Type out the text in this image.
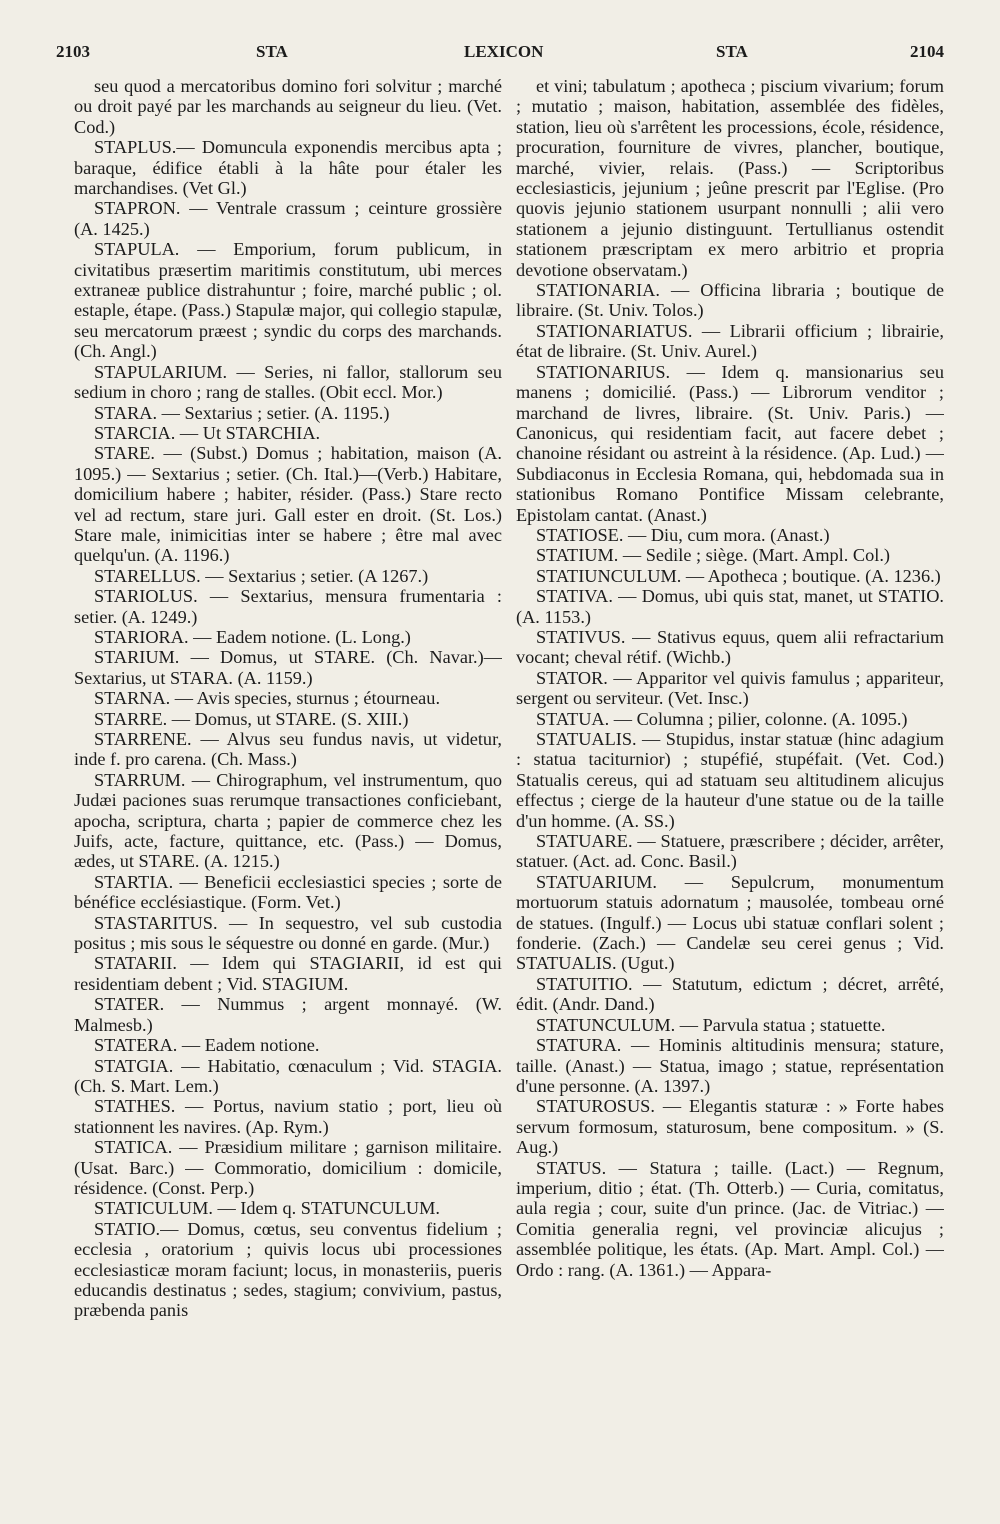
2103	STA	LEXICON	STA	2104

seu quod a mercatoribus domino fori solvitur ; marché ou droit payé par les marchands au seigneur du lieu. (Vet. Cod.)

STAPLUS.— Domuncula exponendis mercibus apta ; baraque, édifice établi à la hâte pour étaler les marchandises. (Vet Gl.)

STAPRON. — Ventrale crassum ; ceinture grossière (A. 1425.)

STAPULA. — Emporium, forum publicum, in civitatibus præsertim maritimis constitutum, ubi merces extraneæ publice distrahuntur ; foire, marché public ; ol. estaple, étape. (Pass.) Stapulæ major, qui collegio stapulæ, seu mercatorum præest ; syndic du corps des marchands. (Ch. Angl.)

STAPULARIUM. — Series, ni fallor, stallorum seu sedium in choro ; rang de stalles. (Obit eccl. Mor.)

STARA. — Sextarius ; setier. (A. 1195.)

STARCIA. — Ut STARCHIA.

STARE. — (Subst.) Domus ; habitation, maison (A. 1095.) — Sextarius ; setier. (Ch. Ital.)—(Verb.) Habitare, domicilium habere ; habiter, résider. (Pass.) Stare recto vel ad rectum, stare juri. Gall ester en droit. (St. Los.) Stare male, inimicitias inter se habere ; être mal avec quelqu'un. (A. 1196.)

STARELLUS. — Sextarius ; setier. (A 1267.)

STARIOLUS. — Sextarius, mensura frumentaria : setier. (A. 1249.)

STARIORA. — Eadem notione. (L. Long.)

STARIUM. — Domus, ut STARE. (Ch. Navar.)— Sextarius, ut STARA. (A. 1159.)

STARNA. — Avis species, sturnus ; étourneau.

STARRE. — Domus, ut STARE. (S. XIII.)

STARRENE. — Alvus seu fundus navis, ut videtur, inde f. pro carena. (Ch. Mass.)

STARRUM. — Chirographum, vel instrumentum, quo Judæi paciones suas rerumque transactiones conficiebant, apocha, scriptura, charta ; papier de commerce chez les Juifs, acte, facture, quittance, etc. (Pass.) — Domus, ædes, ut STARE. (A. 1215.)

STARTIA. — Beneficii ecclesiastici species ; sorte de bénéfice ecclésiastique. (Form. Vet.)

STASTARITUS. — In sequestro, vel sub custodia positus ; mis sous le séquestre ou donné en garde. (Mur.)

STATARII. — Idem qui STAGIARII, id est qui residentiam debent ; Vid. STAGIUM.

STATER. — Nummus ; argent monnayé. (W. Malmesb.)

STATERA. — Eadem notione.

STATGIA. — Habitatio, cœnaculum ; Vid. STAGIA. (Ch. S. Mart. Lem.)

STATHES. — Portus, navium statio ; port, lieu où stationnent les navires. (Ap. Rym.)

STATICA. — Præsidium militare ; garnison militaire. (Usat. Barc.) — Commoratio, domicilium : domicile, résidence. (Const. Perp.)

STATICULUM. — Idem q. STATUNCULUM.

STATIO.— Domus, cœtus, seu conventus fidelium ; ecclesia , oratorium ; quivis locus ubi processiones ecclesiasticæ moram faciunt; locus, in monasteriis, pueris educandis destinatus ; sedes, stagium; convivium, pastus, præbenda panis

et vini; tabulatum ; apotheca ; piscium vivarium; forum ; mutatio ; maison, habitation, assemblée des fidèles, station, lieu où s'arrêtent les processions, école, résidence, procuration, fourniture de vivres, plancher, boutique, marché, vivier, relais. (Pass.) — Scriptoribus ecclesiasticis, jejunium ; jeûne prescrit par l'Eglise. (Pro quovis jejunio stationem usurpant nonnulli ; alii vero stationem a jejunio distinguunt. Tertullianus ostendit stationem præscriptam ex mero arbitrio et propria devotione observatam.)

STATIONARIA. — Officina libraria ; boutique de libraire. (St. Univ. Tolos.)

STATIONARIATUS. — Librarii officium ; librairie, état de libraire. (St. Univ. Aurel.)

STATIONARIUS. — Idem q. mansionarius seu manens ; domicilié. (Pass.) — Librorum venditor ; marchand de livres, libraire. (St. Univ. Paris.) — Canonicus, qui residentiam facit, aut facere debet ; chanoine résidant ou astreint à la résidence. (Ap. Lud.) — Subdiaconus in Ecclesia Romana, qui, hebdomada sua in stationibus Romano Pontifice Missam celebrante, Epistolam cantat. (Anast.)

STATIOSE. — Diu, cum mora. (Anast.)

STATIUM. — Sedile ; siège. (Mart. Ampl. Col.)

STATIUNCULUM. — Apotheca ; boutique. (A. 1236.)

STATIVA. — Domus, ubi quis stat, manet, ut STATIO. (A. 1153.)

STATIVUS. — Stativus equus, quem alii refractarium vocant; cheval rétif. (Wichb.)

STATOR. — Apparitor vel quivis famulus ; appariteur, sergent ou serviteur. (Vet. Insc.)

STATUA. — Columna ; pilier, colonne. (A. 1095.)

STATUALIS. — Stupidus, instar statuæ (hinc adagium : statua taciturnior) ; stupéfié, stupéfait. (Vet. Cod.) Statualis cereus, qui ad statuam seu altitudinem alicujus effectus ; cierge de la hauteur d'une statue ou de la taille d'un homme. (A. SS.)

STATUARE. — Statuere, præscribere ; décider, arrêter, statuer. (Act. ad. Conc. Basil.)

STATUARIUM. — Sepulcrum, monumentum mortuorum statuis adornatum ; mausolée, tombeau orné de statues. (Ingulf.) — Locus ubi statuæ conflari solent ; fonderie. (Zach.) — Candelæ seu cerei genus ; Vid. STATUALIS. (Ugut.)

STATUITIO. — Statutum, edictum ; décret, arrêté, édit. (Andr. Dand.)

STATUNCULUM. — Parvula statua ; statuette.

STATURA. — Hominis altitudinis mensura; stature, taille. (Anast.) — Statua, imago ; statue, représentation d'une personne. (A. 1397.)

STATUROSUS. — Elegantis staturæ : » Forte habes servum formosum, staturosum, bene compositum. » (S. Aug.)

STATUS. — Statura ; taille. (Lact.) — Regnum, imperium, ditio ; état. (Th. Otterb.) — Curia, comitatus, aula regia ; cour, suite d'un prince. (Jac. de Vitriac.) — Comitia generalia regni, vel provinciæ alicujus ; assemblée politique, les états. (Ap. Mart. Ampl. Col.) — Ordo : rang. (A. 1361.) — Appara-
